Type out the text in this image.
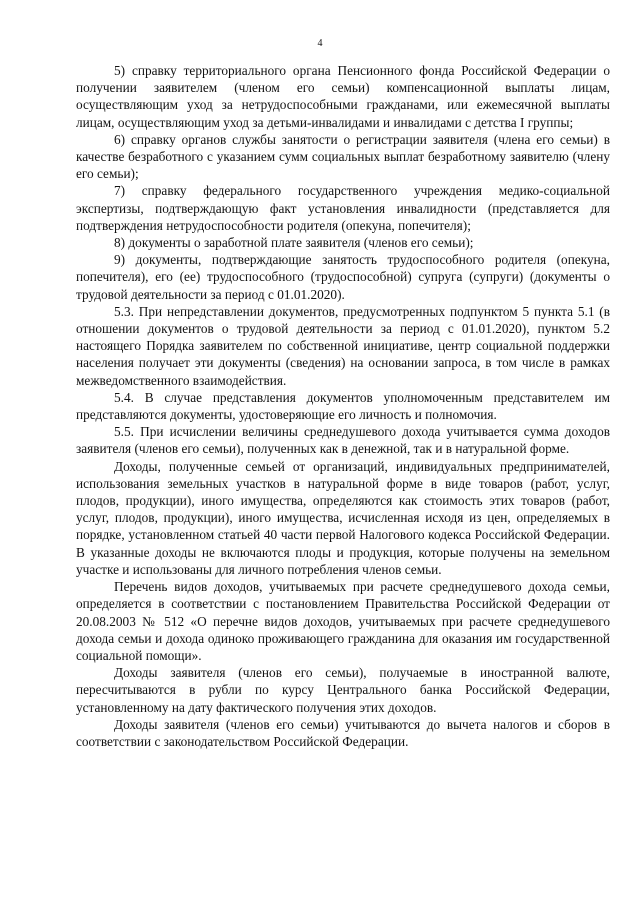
4

5) справку территориального органа Пенсионного фонда Российской Федерации о получении заявителем (членом его семьи) компенсационной выплаты лицам, осуществляющим уход за нетрудоспособными гражданами, или ежемесячной выплаты лицам, осуществляющим уход за детьми-инвалидами и инвалидами с детства I группы;

6) справку органов службы занятости о регистрации заявителя (члена его семьи) в качестве безработного с указанием сумм социальных выплат безработному заявителю (члену его семьи);

7) справку федерального государственного учреждения медико-социальной экспертизы, подтверждающую факт установления инвалидности (представляется для подтверждения нетрудоспособности родителя (опекуна, попечителя);

8) документы о заработной плате заявителя (членов его семьи);

9) документы, подтверждающие занятость трудоспособного родителя (опекуна, попечителя), его (ее) трудоспособного (трудоспособной) супруга (супруги) (документы о трудовой деятельности за период с 01.01.2020).

5.3. При непредставлении документов, предусмотренных подпунктом 5 пункта 5.1 (в отношении документов о трудовой деятельности за период с 01.01.2020), пунктом 5.2 настоящего Порядка заявителем по собственной инициативе, центр социальной поддержки населения получает эти документы (сведения) на основании запроса, в том числе в рамках межведомственного взаимодействия.

5.4. В случае представления документов уполномоченным представителем им представляются документы, удостоверяющие его личность и полномочия.

5.5. При исчислении величины среднедушевого дохода учитывается сумма доходов заявителя (членов его семьи), полученных как в денежной, так и в натуральной форме.

Доходы, полученные семьей от организаций, индивидуальных предпринимателей, использования земельных участков в натуральной форме в виде товаров (работ, услуг, плодов, продукции), иного имущества, определяются как стоимость этих товаров (работ, услуг, плодов, продукции), иного имущества, исчисленная исходя из цен, определяемых в порядке, установленном статьей 40 части первой Налогового кодекса Российской Федерации. В указанные доходы не включаются плоды и продукция, которые получены на земельном участке и использованы для личного потребления членов семьи.

Перечень видов доходов, учитываемых при расчете среднедушевого дохода семьи, определяется в соответствии с постановлением Правительства Российской Федерации от 20.08.2003 № 512 «О перечне видов доходов, учитываемых при расчете среднедушевого дохода семьи и дохода одиноко проживающего гражданина для оказания им государственной социальной помощи».

Доходы заявителя (членов его семьи), получаемые в иностранной валюте, пересчитываются в рубли по курсу Центрального банка Российской Федерации, установленному на дату фактического получения этих доходов.

Доходы заявителя (членов его семьи) учитываются до вычета налогов и сборов в соответствии с законодательством Российской Федерации.
